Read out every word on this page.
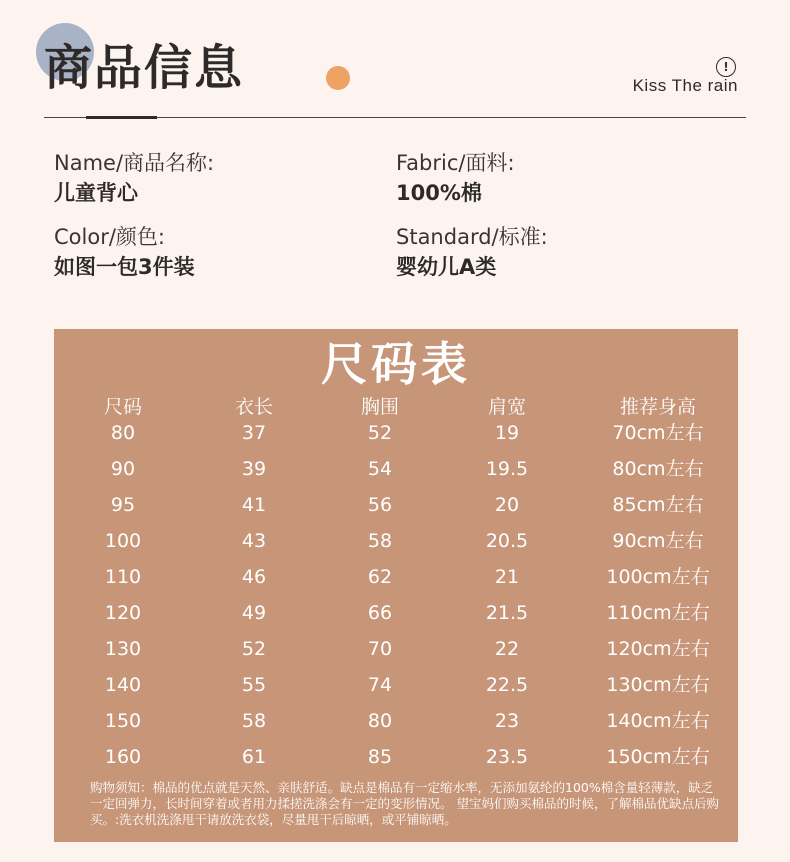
商品信息	!
Kiss The rain
Name/商品名称:
儿童背心
Fabric/面料:
100%棉
Color/颜色:
如图一包3件装
Standard/标准:
婴幼儿A类
尺码表
购物须知：棉品的优点就是天然、亲肤舒适。缺点是棉品有一定缩水率，无添加氨纶的100%棉含量轻薄款，缺乏一定回弹力，长时间穿着或者用力揉搓洗涤会有一定的变形情况。 望宝妈们购买棉品的时候，了解棉品优缺点后购买。:洗衣机洗涤甩干请放洗衣袋，尽量甩干后晾晒，或平铺晾晒。
尺码	衣长	胸围	肩宽	推荐身高
80	37	52	19	70cm左右
90	39	54	19.5	80cm左右
95	41	56	20	85cm左右
100	43	58	20.5	90cm左右
110	46	62	21	100cm左右
120	49	66	21.5	110cm左右
130	52	70	22	120cm左右
140	55	74	22.5	130cm左右
150	58	80	23	140cm左右
160	61	85	23.5	150cm左右
